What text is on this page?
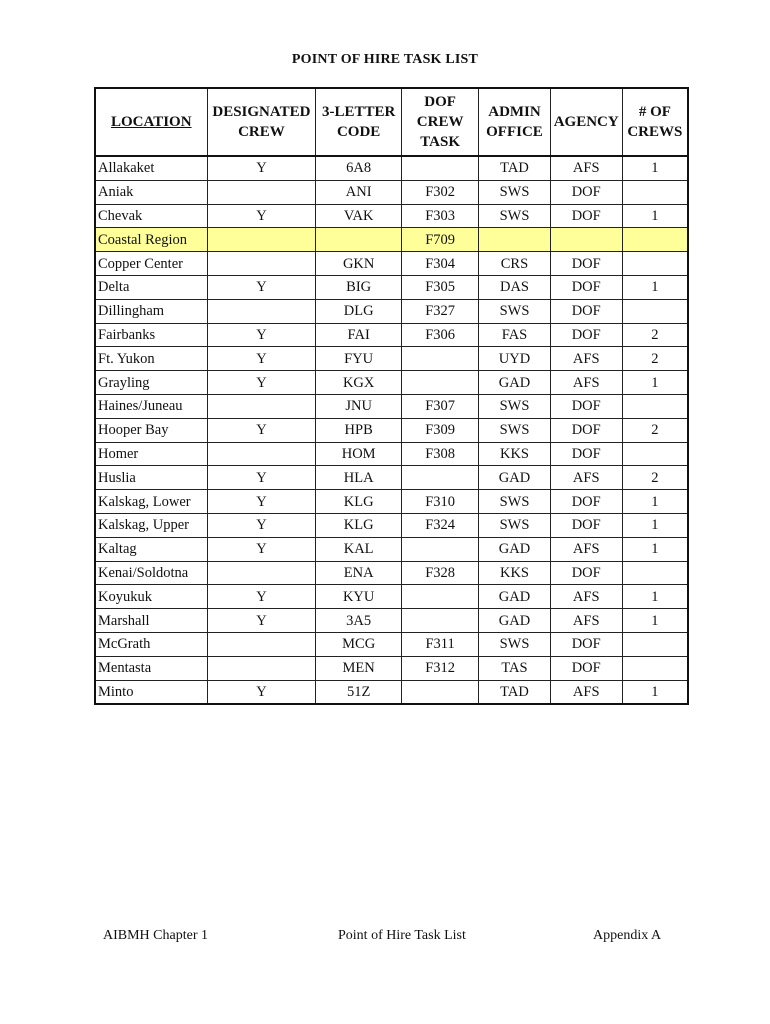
POINT OF HIRE TASK LIST
LOCATION	DESIGNATED CREW	3-LETTER CODE	DOF CREW TASK	ADMIN OFFICE	AGENCY	# OF CREWS
Allakaket	Y	6A8		TAD	AFS	1
Aniak		ANI	F302	SWS	DOF	
Chevak	Y	VAK	F303	SWS	DOF	1
Coastal Region			F709			
Copper Center		GKN	F304	CRS	DOF	
Delta	Y	BIG	F305	DAS	DOF	1
Dillingham		DLG	F327	SWS	DOF	
Fairbanks	Y	FAI	F306	FAS	DOF	2
Ft. Yukon	Y	FYU		UYD	AFS	2
Grayling	Y	KGX		GAD	AFS	1
Haines/Juneau		JNU	F307	SWS	DOF	
Hooper Bay	Y	HPB	F309	SWS	DOF	2
Homer		HOM	F308	KKS	DOF	
Huslia	Y	HLA		GAD	AFS	2
Kalskag, Lower	Y	KLG	F310	SWS	DOF	1
Kalskag, Upper	Y	KLG	F324	SWS	DOF	1
Kaltag	Y	KAL		GAD	AFS	1
Kenai/Soldotna		ENA	F328	KKS	DOF	
Koyukuk	Y	KYU		GAD	AFS	1
Marshall	Y	3A5		GAD	AFS	1
McGrath		MCG	F311	SWS	DOF	
Mentasta		MEN	F312	TAS	DOF	
Minto	Y	51Z		TAD	AFS	1
AIBMH Chapter 1	Point of Hire Task List	Appendix A
